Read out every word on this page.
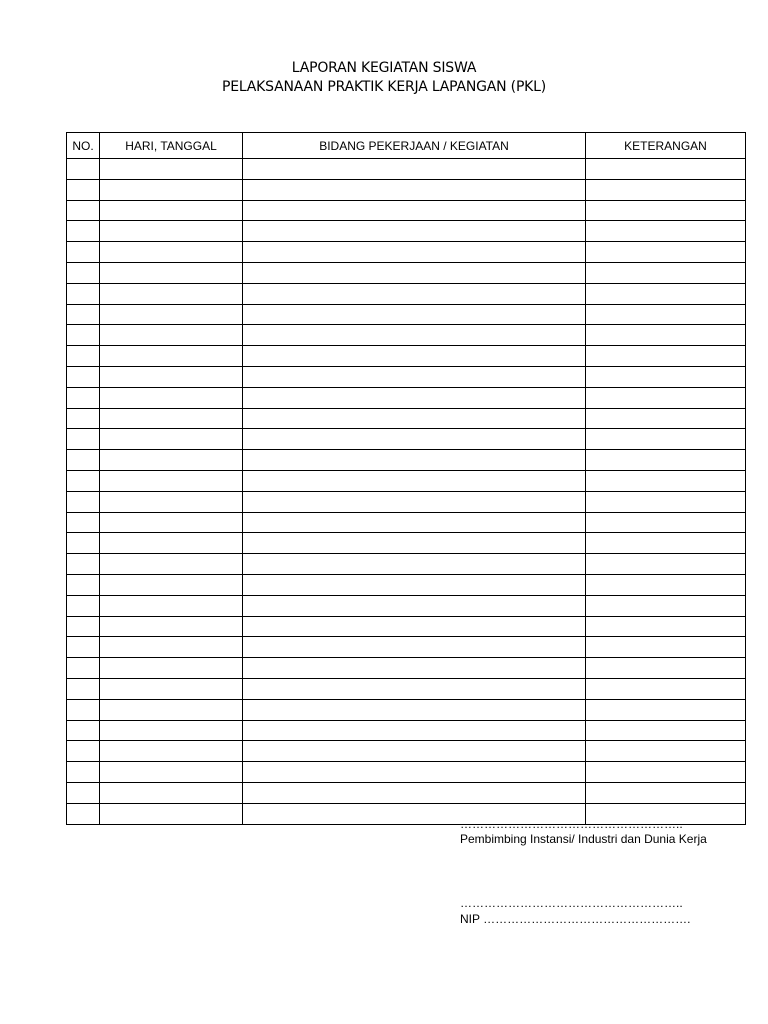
LAPORAN KEGIATAN SISWA
PELAKSANAAN PRAKTIK KERJA LAPANGAN (PKL)
NO.	HARI, TANGGAL	BIDANG PEKERJAAN / KEGIATAN	KETERANGAN

………………………………………………..
Pembimbing Instansi/ Industri dan Dunia Kerja
………………………………………………..
NIP …………………………………………….
